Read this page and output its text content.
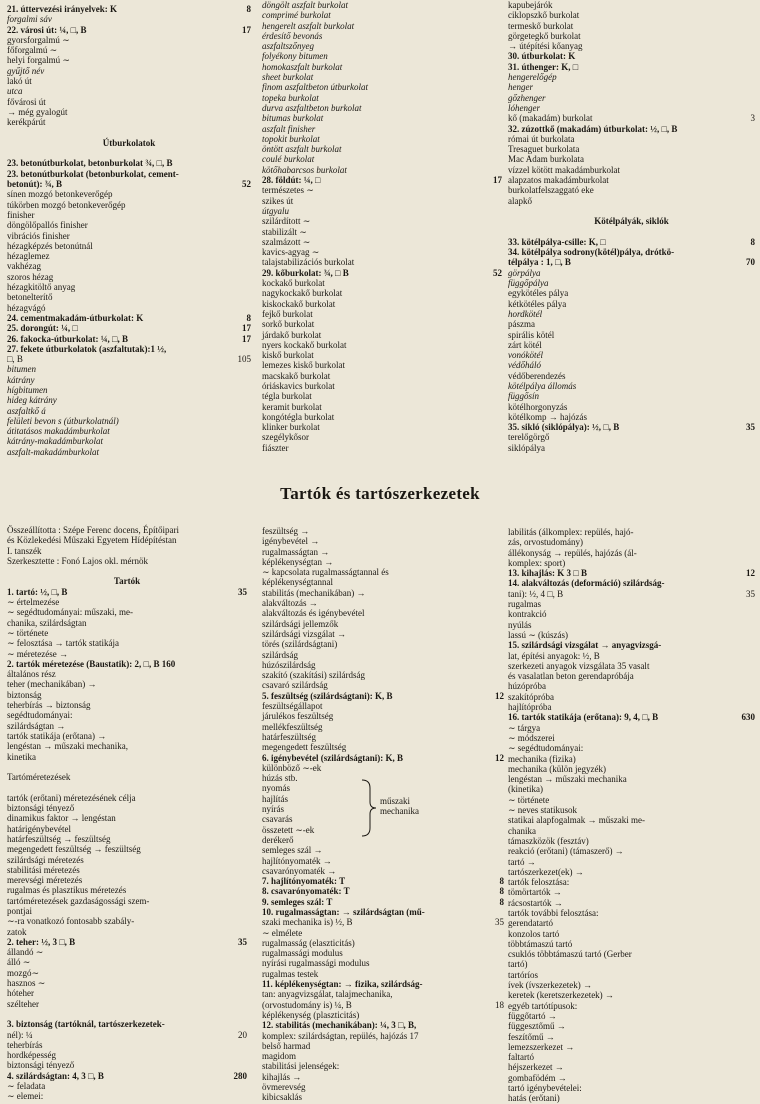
21. úttervezési irányelvek: K	8
forgalmi sáv
22. városi út: ¼, □, B	17
gyorsforgalmú ∼
főforgalmú ∼
helyi forgalmú ∼
gyűjtő név
lakó út
utca
fővárosi út
→ még gyalogút
kerékpárút
Útburkolatok
23. betonútburkolat, betonburkolat ¾, □, B
23. betonútburkolat (betonburkolat, cement-
betonút): ¾, B	52
sínen mozgó betonkeverőgép
túkörben mozgó betonkeverőgép
finisher
döngölőpallós finisher
vibrációs finisher
hézagképzés betonútnál
hézaglemez
vakhézag
szoros hézag
hézagkitöltő anyag
betonelterítő
hézagvágó
24. cementmakadám-útburkolat: K	8
25. dorongút: ¼, □	17
26. fakocka-útburkolat: ¼, □, B	17
27. fekete útburkolatok (aszfaltutak):1 ½,
□, B	105
bitumen
kátrány
hígbitumen
hideg kátrány
aszfaltkő á
felületi bevon s (útburkolatnál)
átitatásos makadámburkolat
kátrány-makadámburkolat
aszfalt-makadámburkolat
döngölt aszfalt burkolat
comprimé burkolat
hengerelt aszfalt burkolat
érdesítő bevonás
aszfaltszőnyeg
folyékony bitumen
homokaszfalt burkolat
sheet burkolat
finom aszfaltbeton útburkolat
topeka burkolat
durva aszfaltbeton burkolat
bitumas burkolat
aszfalt finisher
topokit burkolat
öntött aszfalt burkolat
coulé burkolat
kötőhabarcsos burkolat
28. földút: ¼, □	17
természetes ∼
szikes út
útgyalu
szilárdított ∼
stabilizált ∼
szalmázott ∼
kavics-agyag ∼
talajstabilizációs burkolat
29. kőburkolat: ¾, □ B	52
kockakő burkolat
nagykockakő burkolat
kiskockakő burkolat
fejkő burkolat
sorkő burkolat
járdakő burkolat
nyers kockakő burkolat
kiskő burkolat
lemezes kiskő burkolat
macskakő burkolat
óriáskavics burkolat
tégla burkolat
keramit burkolat
kongótégla burkolat
klinker burkolat
szegélykősor
fiászter
kapubejárók
ciklopszkő burkolat
termeskő burkolat
görgetegkő burkolat
→ útépítési kőanyag
30. útburkolat: K
31. úthenger: K, □
hengerelőgép
henger
gőzhenger
lóhenger
kő (makadám) burkolat	3
32. zúzottkő (makadám) útburkolat: ½, □, B
római út burkolata
Tresaguet burkolata
Mac Adam burkolata
vízzel kötött makadámburkolat
alapzatos makadámburkolat
burkolatfelszaggató eke
alapkő
Kötélpályák, siklók
33. kötélpálya-csille: K, □	8
34. kötélpálya sodrony(kötél)pálya, drótkö-
télpálya : 1, □, B	70
görpálya
függőpálya
egykötéles pálya
kétkötéles pálya
hordkötél
pászma
spirális kötél
zárt kötél
vonókötél
védőháló
védőberendezés
kötélpálya állomás
függősín
kötélhorgonyzás
kötélkomp → hajózás
35. sikló (siklópálya): ½, □, B	35
terelőgörgő
siklópálya
Tartók és tartószerkezetek
Összeállította : Szépe Ferenc docens, Építőipari
és Közlekedési Műszaki Egyetem Hídépítéstan
I. tanszék
Szerkesztette : Fonó Lajos okl. mérnök
Tartók
1. tartó: ½, □, B	35
∼ értelmezése
∼ segédtudományai: műszaki, me-
chanika, szilárdságtan
∼ története
∼ felosztása → tartók statikája
∼ méretezése →
2. tartók méretezése (Baustatik): 2, □, B 160
általános rész
teher (mechanikában) →
biztonság
teherbírás → biztonság
segédtudományai:
szilárdságtan →
tartók statikája (erőtana) →
lengéstan → műszaki mechanika,
kinetika
Tartóméretezések
tartók (erőtani) méretezésének célja
biztonsági tényező
dinamikus faktor → lengéstan
határigénybevétel
határfeszültség → feszültség
megengedett feszültség → feszültség
szilárdsági méretezés
stabilitási méretezés
merevségi méretezés
rugalmas és plasztikus méretezés
tartóméretezések gazdaságossági szem-
pontjai
∼-ra vonatkozó fontosabb szabály-
zatok
2. teher: ½, 3 □, B	35
állandó ∼
álló ∼
mozgó∼
hasznos ∼
hóteher
szélteher
3. biztonság (tartóknál, tartószerkezetek-
nél): ¼	20
teherbírás
hordképesség
biztonsági tényező
4. szilárdságtan: 4, 3 □, B	280
∼ feladata
∼ elemei:
feszültség →
igénybevétel →
rugalmasságtan →
képlékenységtan →
∼ kapcsolata rugalmasságtannal és
képlékenységtannal
stabilitás (mechanikában) →
alakváltozás →
alakváltozás és igénybevétel
szilárdsági jellemzők
szilárdsági vizsgálat →
törés (szilárdságtani)
szilárdság
húzószilárdság
szakító (szakítási) szilárdság
csavaró szilárdság
5. feszültség (szilárdságtani): K, B	12
feszültségállapot
járulékos feszültség
mellékfeszültség
határfeszültség
megengedett feszültség
6. igénybevétel (szilárdságtani): K, B	12
különböző ∼-ek
húzás stb.
nyomás
hajlítás
nyírás
csavarás
összetett ∼-ek
derékerő
semleges szál →
hajlítónyomaték →
csavarónyomaték →
7. hajlítónyomaték: T	8
8. csavarónyomaték: T	8
9. semleges szál: T	8
10. rugalmasságtan: → szilárdságtan (mű-
szaki mechanika is) ½, B	35
∼ elmélete
rugalmasság (elaszticitás)
rugalmassági modulus
nyírási rugalmassági modulus
rugalmas testek
11. képlékenységtan: → fizika, szilárdság-
tan: anyagvizsgálat, talajmechanika,
(orvostudomány is) ¼, B	18
képlékenység (plaszticitás)
12. stabilitás (mechanikában): ¼, 3 □, B,
komplex: szilárdságtan, repülés, hajózás 17
belső harmad
magidom
stabilitási jelenségek:
kihajlás →
övmerevség
kibicsaklás
labilitás (álkomplex: repülés, hajó-
zás, orvostudomány)
állékonyság → repülés, hajózás (ál-
komplex: sport)
13. kihajlás: K 3 □ B	12
14. alakváltozás (deformáció) szilárdság-
tani): ½, 4 □, B	35
rugalmas
kontrakció
nyúlás
lassú ∼ (kúszás)
15. szilárdsági vizsgálat → anyagvizsgá-
lat, építési anyagok: ½, B
szerkezeti anyagok vizsgálata 35 vasalt
és vasalatlan beton gerendapróbája
húzópróba
szakítópróba
hajlítópróba
16. tartók statikája (erőtana): 9, 4, □, B	630
∼ tárgya
∼ módszerei
∼ segédtudományai:
mechanika (fizika)
mechanika (külön jegyzék)
lengéstan → műszaki mechanika
(kinetika)
∼ története
∼ neves statikusok
statikai alapfogalmak → műszaki me-
chanika
támaszközök (fesztáv)
reakció (erőtani) (támaszerő) →
tartó →
tartószerkezet(ek) →
tartók felosztása:
tömörtartók →
rácsostartók →
tartók további felosztása:
gerendatartó
konzolos tartó
többtámaszú tartó
csuklós többtámaszú tartó (Gerber
tartó)
tartóríos
ívek (ívszerkezetek) →
keretek (keretszerkezetek) →
egyéb tartótípusok:
függőtartó →
függesztőmű →
feszítőmű →
lemezszerkezet →
faltartó
héjszerkezet →
gombafödém →
tartó igénybevételei:
hatás (erőtani)
műszaki
mechanika
